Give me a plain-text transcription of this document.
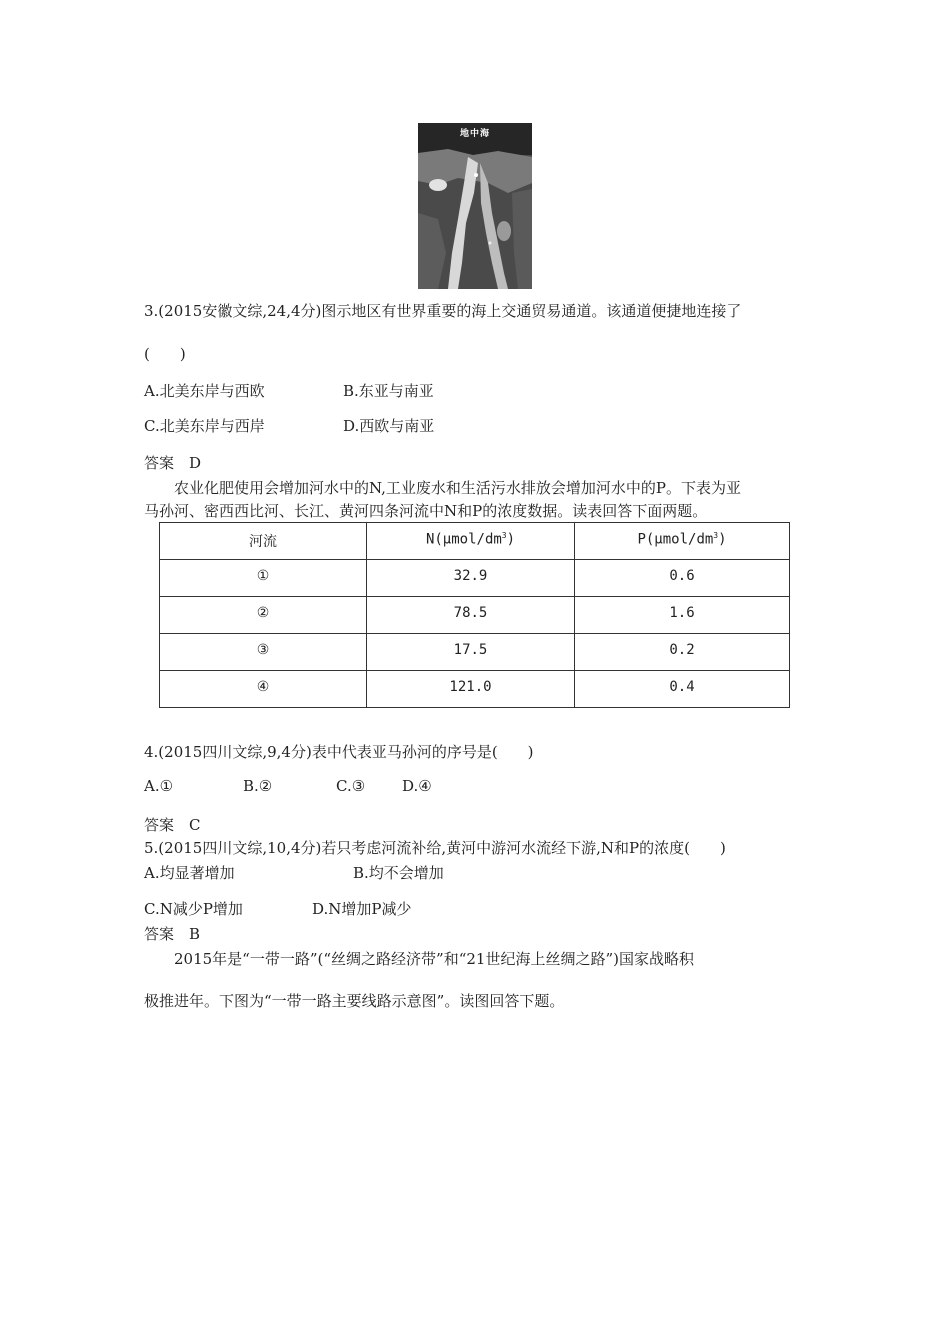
地中海
3.(2015安徽文综,24,4分)图示地区有世界重要的海上交通贸易通道。该通道便捷地连接了
(　　)
A.北美东岸与西欧	B.东亚与南亚
C.北美东岸与西岸	D.西欧与南亚
答案　D
农业化肥使用会增加河水中的N,工业废水和生活污水排放会增加河水中的P。下表为亚
马孙河、密西西比河、长江、黄河四条河流中N和P的浓度数据。读表回答下面两题。
河流	$N(\mu mol/dm^3)$	$P(\mu mol/dm^3)$
①	32.9	0.6
②	78.5	1.6
③	17.5	0.2
④	121.0	0.4
4.(2015四川文综,9,4分)表中代表亚马孙河的序号是(　　)
A.①	B.②	C.③ D.④
答案　C
5.(2015四川文综,10,4分)若只考虑河流补给,黄河中游河水流经下游,N和P的浓度(　　)
A.均显著增加	B.均不会增加
C.N减少P增加	D.N增加P减少
答案　B
2015年是“一带一路”(“丝绸之路经济带”和“21世纪海上丝绸之路”)国家战略积
极推进年。下图为“一带一路主要线路示意图”。读图回答下题。
